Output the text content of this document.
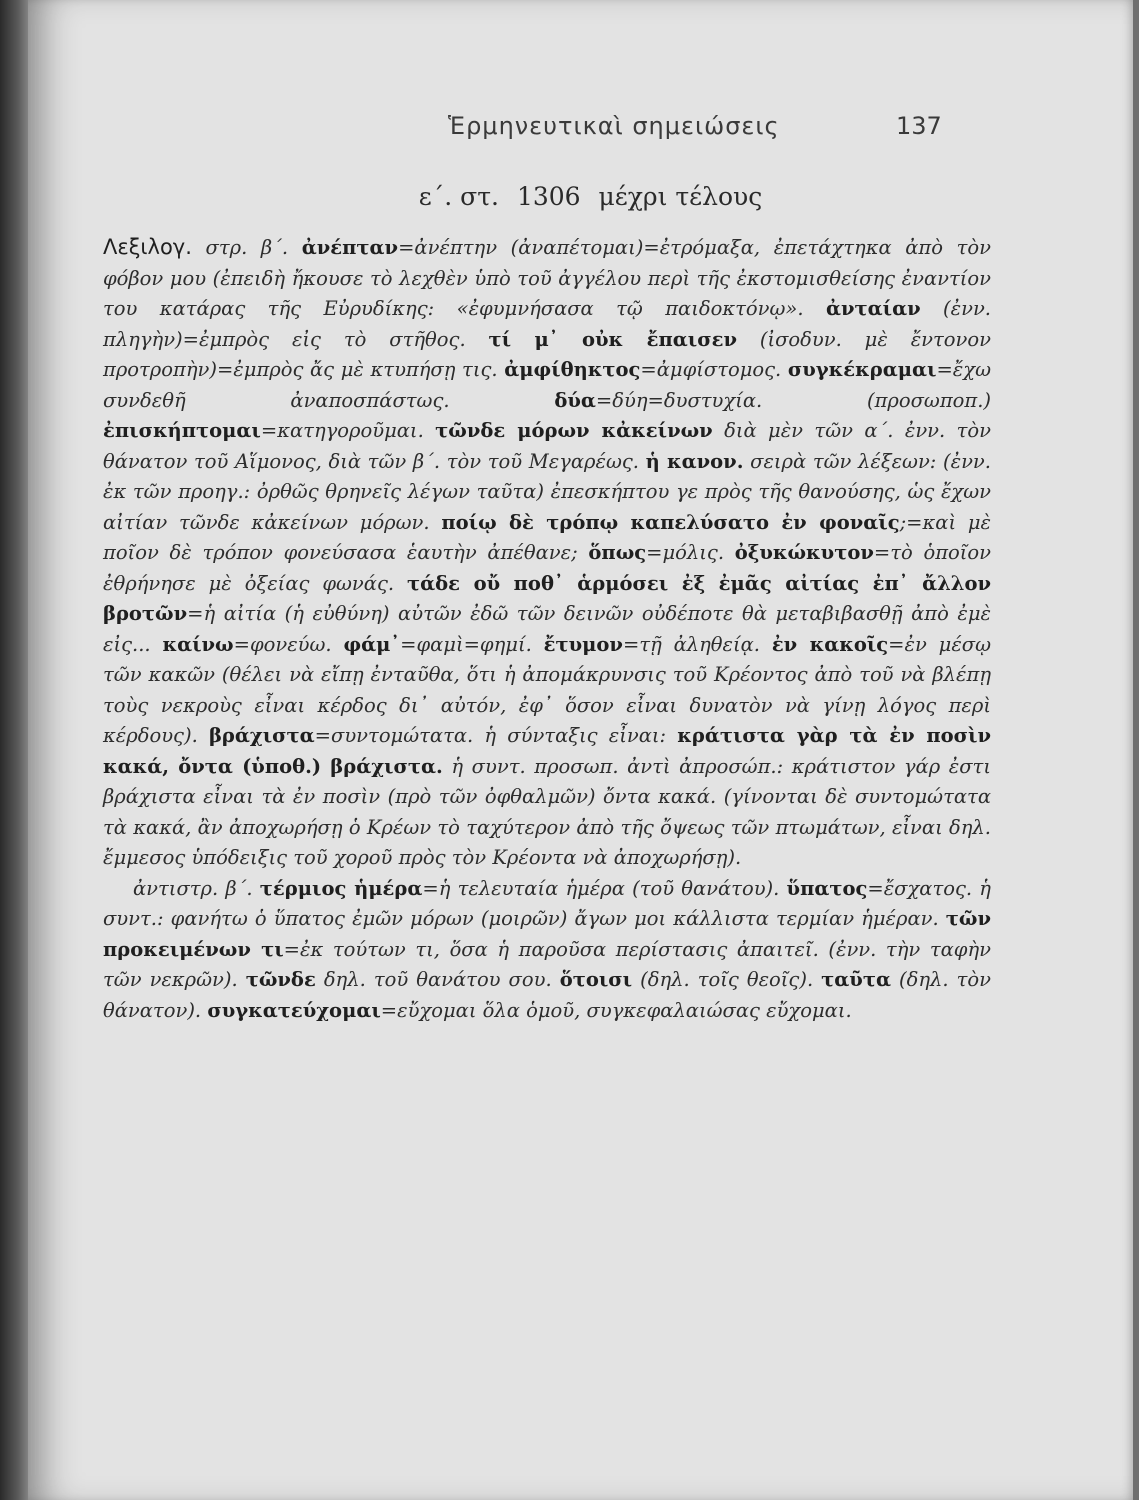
Ἑρμηνευτικαὶ σημειώσεις	137
ε΄. στ. 1306 μέχρι τέλους

Λεξιλογ. στρ. β΄. ἀνέπταν=ἀνέπτην (ἀναπέτομαι)=ἐτρόμαξα, ἐπετάχτηκα ἀπὸ τὸν φόβον μου (ἐπειδὴ ἤκουσε τὸ λεχθὲν ὑπὸ τοῦ ἀγγέλου περὶ τῆς ἐκστομισθείσης ἐναντίον του κατάρας τῆς Εὐρυδίκης: «ἐφυμνήσασα τῷ παιδοκτόνῳ». ἀνταίαν (ἐνν. πληγὴν)=ἐμπρὸς εἰς τὸ στῆθος. τί μ᾽ οὐκ ἔπαισεν (ἰσοδυν. μὲ ἔντονον προτροπὴν)=ἐμπρὸς ἄς μὲ κτυπήσῃ τις. ἀμφίθηκτος=ἀμφίστομος. συγκέκραμαι=ἔχω συνδεθῆ ἀναποσπάστως. δύα=δύη=δυστυχία. (προσωποπ.) ἐπισκήπτομαι=κατηγοροῦμαι. τῶνδε μόρων κἀκείνων διὰ μὲν τῶν α΄. ἐνν. τὸν θάνατον τοῦ Αἵμονος, διὰ τῶν β΄. τὸν τοῦ Μεγαρέως. ἡ κανον. σειρὰ τῶν λέξεων: (ἐνν. ἐκ τῶν προηγ.: ὀρθῶς θρηνεῖς λέγων ταῦτα) ἐπεσκήπτου γε πρὸς τῆς θανούσης, ὡς ἔχων αἰτίαν τῶνδε κἀκείνων μόρων. ποίῳ δὲ τρόπῳ καπελύσατο ἐν φοναῖς;=καὶ μὲ ποῖον δὲ τρόπον φονεύσασα ἑαυτὴν ἀπέθανε; ὅπως=μόλις. ὀξυκώκυτον=τὸ ὁποῖον ἐθρήνησε μὲ ὀξείας φωνάς. τάδε οὔ ποθ᾽ ἁρμόσει ἐξ ἐμᾶς αἰτίας ἐπ᾽ ἄλλον βροτῶν=ἡ αἰτία (ἡ εὐθύνη) αὐτῶν ἐδῶ τῶν δεινῶν οὐδέποτε θὰ μεταβιβασθῇ ἀπὸ ἐμὲ εἰς... καίνω=φονεύω. φάμ᾽=φαμὶ=φημί. ἔτυμον=τῇ ἀληθείᾳ. ἐν κακοῖς=ἐν μέσῳ τῶν κακῶν (θέλει νὰ εἴπῃ ἐνταῦθα, ὅτι ἡ ἀπομάκρυνσις τοῦ Κρέοντος ἀπὸ τοῦ νὰ βλέπῃ τοὺς νεκροὺς εἶναι κέρδος δι᾽ αὐτόν, ἐφ᾽ ὅσον εἶναι δυνατὸν νὰ γίνῃ λόγος περὶ κέρδους). βράχιστα=συντομώτατα. ἡ σύνταξις εἶναι: κράτιστα γὰρ τὰ ἐν ποσὶν κακά, ὄντα (ὑποθ.) βράχιστα. ἡ συντ. προσωπ. ἀντὶ ἀπροσώπ.: κράτιστον γάρ ἐστι βράχιστα εἶναι τὰ ἐν ποσὶν (πρὸ τῶν ὀφθαλμῶν) ὄντα κακά. (γίνονται δὲ συντομώτατα τὰ κακά, ἂν ἀποχωρήσῃ ὁ Κρέων τὸ ταχύτερον ἀπὸ τῆς ὄψεως τῶν πτωμάτων, εἶναι δηλ. ἔμμεσος ὑπόδειξις τοῦ χοροῦ πρὸς τὸν Κρέοντα νὰ ἀποχωρήσῃ).

ἀντιστρ. β΄. τέρμιος ἡμέρα=ἡ τελευταία ἡμέρα (τοῦ θανάτου). ὕπατος=ἔσχατος. ἡ συντ.: φανήτω ὁ ὕπατος ἐμῶν μόρων (μοιρῶν) ἄγων μοι κάλλιστα τερμίαν ἡμέραν. τῶν προκειμένων τι=ἐκ τούτων τι, ὅσα ἡ παροῦσα περίστασις ἀπαιτεῖ. (ἐνν. τὴν ταφὴν τῶν νεκρῶν). τῶνδε δηλ. τοῦ θανάτου σου. ὅτοισι (δηλ. τοῖς θεοῖς). ταῦτα (δηλ. τὸν θάνατον). συγκατεύχομαι=εὔχομαι ὅλα ὁμοῦ, συγκεφαλαιώσας εὔχομαι.
